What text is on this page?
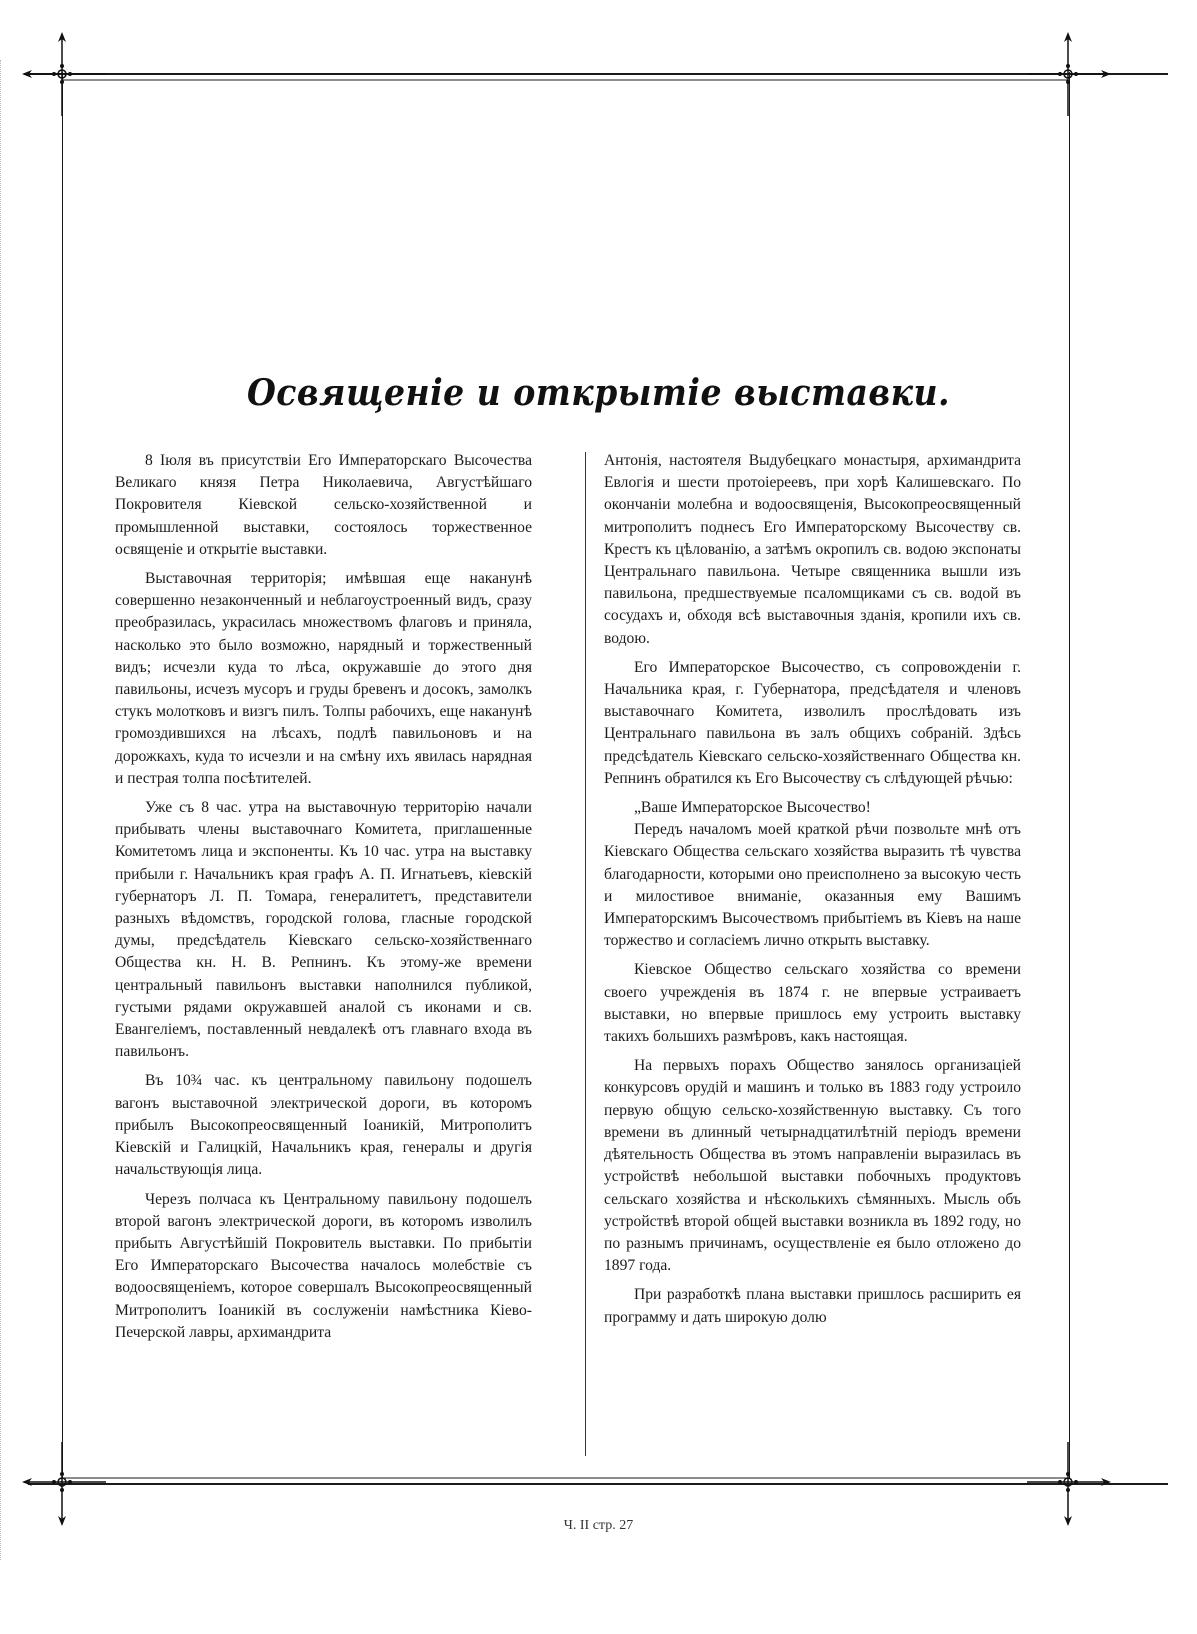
Освященіе и открытіе выставки.

8 Іюля въ присутствіи Его Императорскаго Высочества Великаго князя Петра Николаевича, Августѣйшаго Покровителя Кіевской сельско-хозяйственной и промышленной выставки, состоялось торжественное освященіе и открытіе выставки.

Выставочная территорія; имѣвшая еще наканунѣ совершенно незаконченный и неблагоустроенный видъ, сразу преобразилась, украсилась множествомъ флаговъ и приняла, насколько это было возможно, нарядный и торжественный видъ; исчезли куда то лѣса, окружавшіе до этого дня павильоны, исчезъ мусоръ и груды бревенъ и досокъ, замолкъ стукъ молотковъ и визгъ пилъ. Толпы рабочихъ, еще наканунѣ громоздившихся на лѣсахъ, подлѣ павильоновъ и на дорожкахъ, куда то исчезли и на смѣну ихъ явилась нарядная и пестрая толпа посѣтителей.

Уже съ 8 час. утра на выставочную территорію начали прибывать члены выставочнаго Комитета, приглашенные Комитетомъ лица и экспоненты. Къ 10 час. утра на выставку прибыли г. Начальникъ края графъ А. П. Игнатьевъ, кіевскій губернаторъ Л. П. Томара, генералитетъ, представители разныхъ вѣдомствъ, городской голова, гласные городской думы, предсѣдатель Кіевскаго сельско-хозяйственнаго Общества кн. Н. В. Репнинъ. Къ этому-же времени центральный павильонъ выставки наполнился публикой, густыми рядами окружавшей аналой съ иконами и св. Евангеліемъ, поставленный невдалекѣ отъ главнаго входа въ павильонъ.

Въ 10¾ час. къ центральному павильону подошелъ вагонъ выставочной электрической дороги, въ которомъ прибылъ Высокопреосвященный Іоаникій, Митрополитъ Кіевскій и Галицкій, Начальникъ края, генералы и другія начальствующія лица.

Черезъ полчаса къ Центральному павильону подошелъ второй вагонъ электрической дороги, въ которомъ изволилъ прибыть Августѣйшій Покровитель выставки. По прибытіи Его Императорскаго Высочества началось молебствіе съ водоосвященіемъ, которое совершалъ Высокопреосвященный Митрополитъ Іоаникій въ сослуженіи намѣстника Кіево-Печерской лавры, архимандрита

Антонія, настоятеля Выдубецкаго монастыря, архимандрита Евлогія и шести протоіереевъ, при хорѣ Калишевскаго. По окончаніи молебна и водоосвященія, Высокопреосвященный митрополитъ поднесъ Его Императорскому Высочеству св. Крестъ къ цѣлованію, а затѣмъ окропилъ св. водою экспонаты Центральнаго павильона. Четыре священника вышли изъ павильона, предшествуемые псаломщиками съ св. водой въ сосудахъ и, обходя всѣ выставочныя зданія, кропили ихъ св. водою.

Его Императорское Высочество, съ сопровожденіи г. Начальника края, г. Губернатора, предсѣдателя и членовъ выставочнаго Комитета, изволилъ прослѣдовать изъ Центральнаго павильона въ залъ общихъ собраній. Здѣсь предсѣдатель Кіевскаго сельско-хозяйственнаго Общества кн. Репнинъ обратился къ Его Высочеству съ слѣдующей рѣчью:

„Ваше Императорское Высочество!

Передъ началомъ моей краткой рѣчи позвольте мнѣ отъ Кіевскаго Общества сельскаго хозяйства выразить тѣ чувства благодарности, которыми оно преисполнено за высокую честь и милостивое вниманіе, оказанныя ему Вашимъ Императорскимъ Высочествомъ прибытіемъ въ Кіевъ на наше торжество и согласіемъ лично открыть выставку.

Кіевское Общество сельскаго хозяйства со времени своего учрежденія въ 1874 г. не впервые устраиваетъ выставки, но впервые пришлось ему устроить выставку такихъ большихъ размѣровъ, какъ настоящая.

На первыхъ порахъ Общество занялось организаціей конкурсовъ орудій и машинъ и только въ 1883 году устроило первую общую сельско-хозяйственную выставку. Съ того времени въ длинный четырнадцатилѣтній періодъ времени дѣятельность Общества въ этомъ направленіи выразилась въ устройствѣ небольшой выставки побочныхъ продуктовъ сельскаго хозяйства и нѣсколькихъ сѣмянныхъ. Мысль объ устройствѣ второй общей выставки возникла въ 1892 году, но по разнымъ причинамъ, осуществленіе ея было отложено до 1897 года.

При разработкѣ плана выставки пришлось расширить ея программу и дать широкую долю

Ч. II стр. 27
